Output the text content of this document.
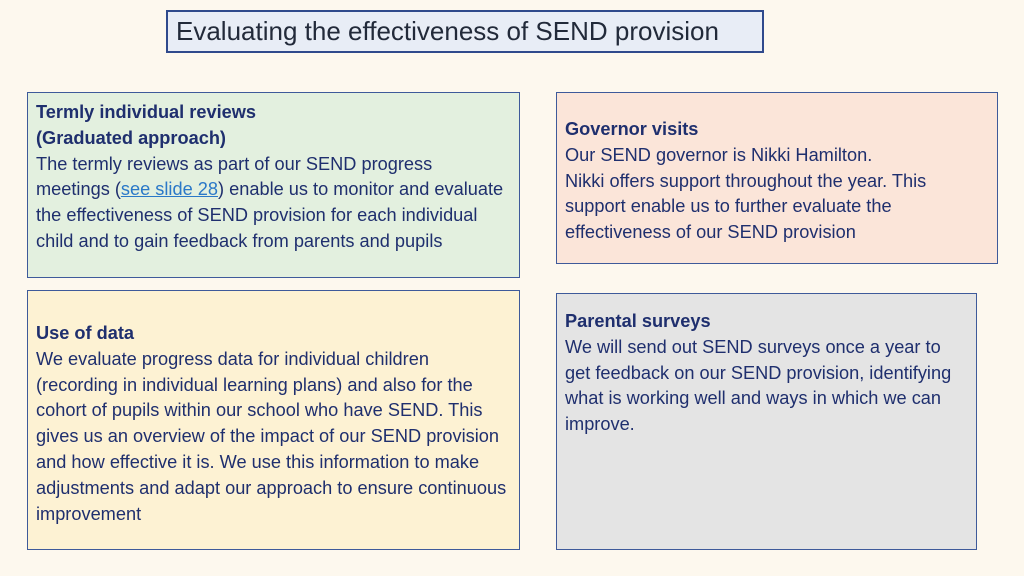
Evaluating the effectiveness of SEND provision
Termly individual reviews
(Graduated approach)
The termly reviews as part of our SEND progress meetings (see slide 28) enable us to monitor and evaluate the effectiveness of SEND provision for each individual child and to gain feedback from parents and pupils
Governor visits
Our SEND governor is Nikki Hamilton.
Nikki offers support throughout the year. This support enable us to further evaluate the effectiveness of our SEND provision
Use of data
We evaluate progress data for individual children (recording in individual learning plans) and also for the cohort of pupils within our school who have SEND. This gives us an overview of the impact of our SEND provision and how effective it is. We use this information to make adjustments and adapt our approach to ensure continuous improvement
Parental surveys
We will send out SEND surveys once a year to get feedback on our SEND provision, identifying what is working well and ways in which we can improve.
